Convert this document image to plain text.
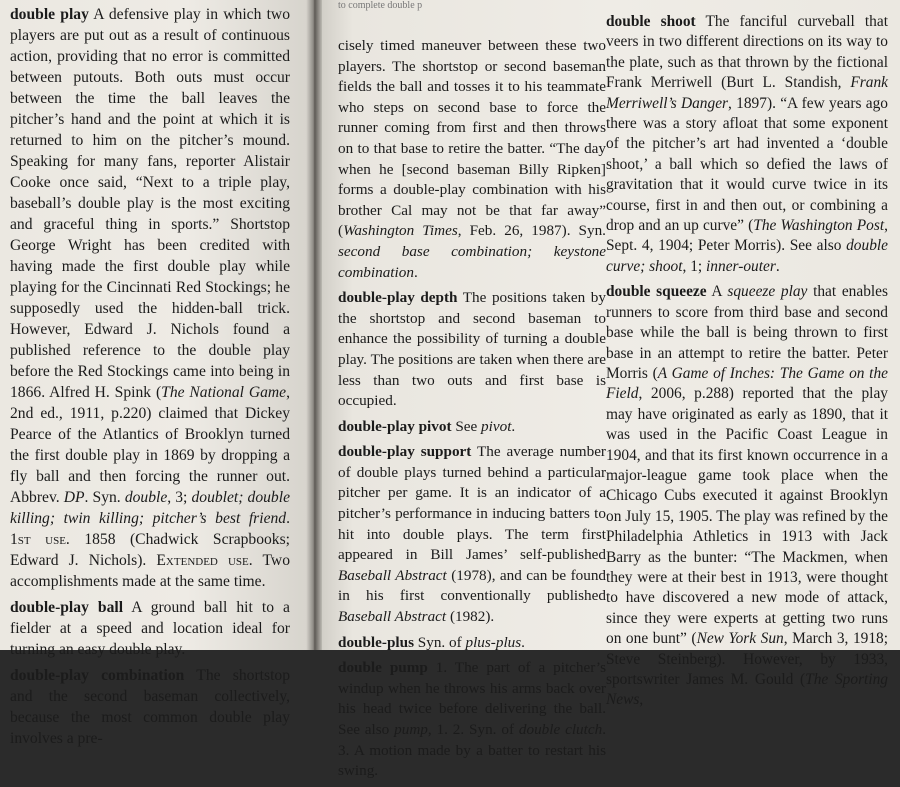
double play A defensive play in which two players are put out as a result of continuous action, providing that no error is committed between putouts. Both outs must occur between the time the ball leaves the pitcher’s hand and the point at which it is returned to him on the pitcher’s mound. Speaking for many fans, reporter Alistair Cooke once said, “Next to a triple play, baseball’s double play is the most exciting and graceful thing in sports.” Shortstop George Wright has been credited with having made the first double play while playing for the Cincinnati Red Stockings; he supposedly used the hidden-ball trick. However, Edward J. Nichols found a published reference to the double play before the Red Stockings came into being in 1866. Alfred H. Spink (The National Game, 2nd ed., 1911, p.220) claimed that Dickey Pearce of the Atlantics of Brooklyn turned the first double play in 1869 by dropping a fly ball and then forcing the runner out. Abbrev. DP. Syn. double, 3; doublet; double killing; twin killing; pitcher’s best friend. 1st use. 1858 (Chadwick Scrapbooks; Edward J. Nichols). Extended use. Two accomplishments made at the same time.

double-play ball A ground ball hit to a fielder at a speed and location ideal for turning an easy double play.

double-play combination The shortstop and the second baseman collectively, because the most common double play involves a pre-

to complete double p

cisely timed maneuver between these two players. The shortstop or second baseman fields the ball and tosses it to his teammate who steps on second base to force the runner coming from first and then throws on to that base to retire the batter. “The day when he [second baseman Billy Ripken] forms a double-play combination with his brother Cal may not be that far away” (Washington Times, Feb. 26, 1987). Syn. second base combination; keystone combination.

double-play depth The positions taken by the shortstop and second baseman to enhance the possibility of turning a double play. The positions are taken when there are less than two outs and first base is occupied.

double-play pivot See pivot.

double-play support The average number of double plays turned behind a particular pitcher per game. It is an indicator of a pitcher’s performance in inducing batters to hit into double plays. The term first appeared in Bill James’ self-published Baseball Abstract (1978), and can be found in his first conventionally published Baseball Abstract (1982).

double-plus Syn. of plus-plus.

double pump 1. The part of a pitcher’s windup when he throws his arms back over his head twice before delivering the ball. See also pump, 1. 2. Syn. of double clutch. 3. A motion made by a batter to restart his swing.

double shoot The fanciful curveball that veers in two different directions on its way to the plate, such as that thrown by the fictional Frank Merriwell (Burt L. Standish, Frank Merriwell’s Danger, 1897). “A few years ago there was a story afloat that some exponent of the pitcher’s art had invented a ‘double shoot,’ a ball which so defied the laws of gravitation that it would curve twice in its course, first in and then out, or combining a drop and an up curve” (The Washington Post, Sept. 4, 1904; Peter Morris). See also double curve; shoot, 1; inner-outer.

double squeeze A squeeze play that enables runners to score from third base and second base while the ball is being thrown to first base in an attempt to retire the batter. Peter Morris (A Game of Inches: The Game on the Field, 2006, p.288) reported that the play may have originated as early as 1890, that it was used in the Pacific Coast League in 1904, and that its first known occurrence in a major-league game took place when the Chicago Cubs executed it against Brooklyn on July 15, 1905. The play was refined by the Philadelphia Athletics in 1913 with Jack Barry as the bunter: “The Mackmen, when they were at their best in 1913, were thought to have discovered a new mode of attack, since they were experts at getting two runs on one bunt” (New York Sun, March 3, 1918; Steve Steinberg). However, by 1933, sportswriter James M. Gould (The Sporting News,
